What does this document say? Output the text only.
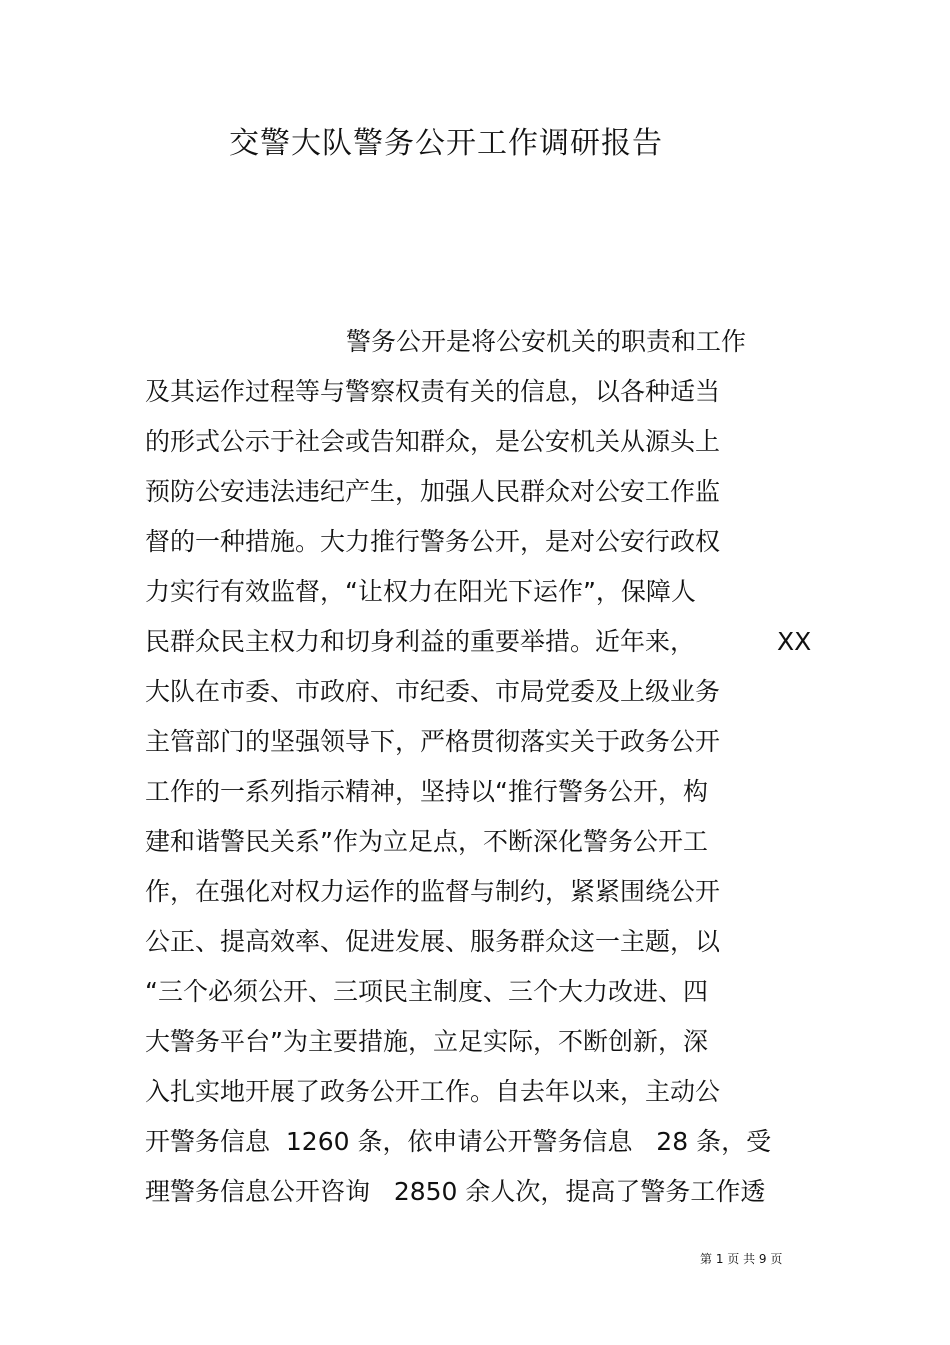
交警大队警务公开工作调研报告
警务公开是将公安机关的职责和工作
及其运作过程等与警察权责有关的信息，以各种适当
的形式公示于社会或告知群众，是公安机关从源头上
预防公安违法违纪产生，加强人民群众对公安工作监
督的一种措施。大力推行警务公开，是对公安行政权
力实行有效监督，“让权力在阳光下运作”，保障人
民群众民主权力和切身利益的重要举措。近年来，	XX
大队在市委、市政府、市纪委、市局党委及上级业务
主管部门的坚强领导下，严格贯彻落实关于政务公开
工作的一系列指示精神，坚持以“推行警务公开，构
建和谐警民关系”作为立足点，不断深化警务公开工
作，在强化对权力运作的监督与制约，紧紧围绕公开
公正、提高效率、促进发展、服务群众这一主题，以
“三个必须公开、三项民主制度、三个大力改进、四
大警务平台”为主要措施，立足实际，不断创新，深
入扎实地开展了政务公开工作。自去年以来，主动公
开警务信息  1260 条，依申请公开警务信息   28 条，受
理警务信息公开咨询   2850 余人次，提高了警务工作透
第 1 页 共 9 页
